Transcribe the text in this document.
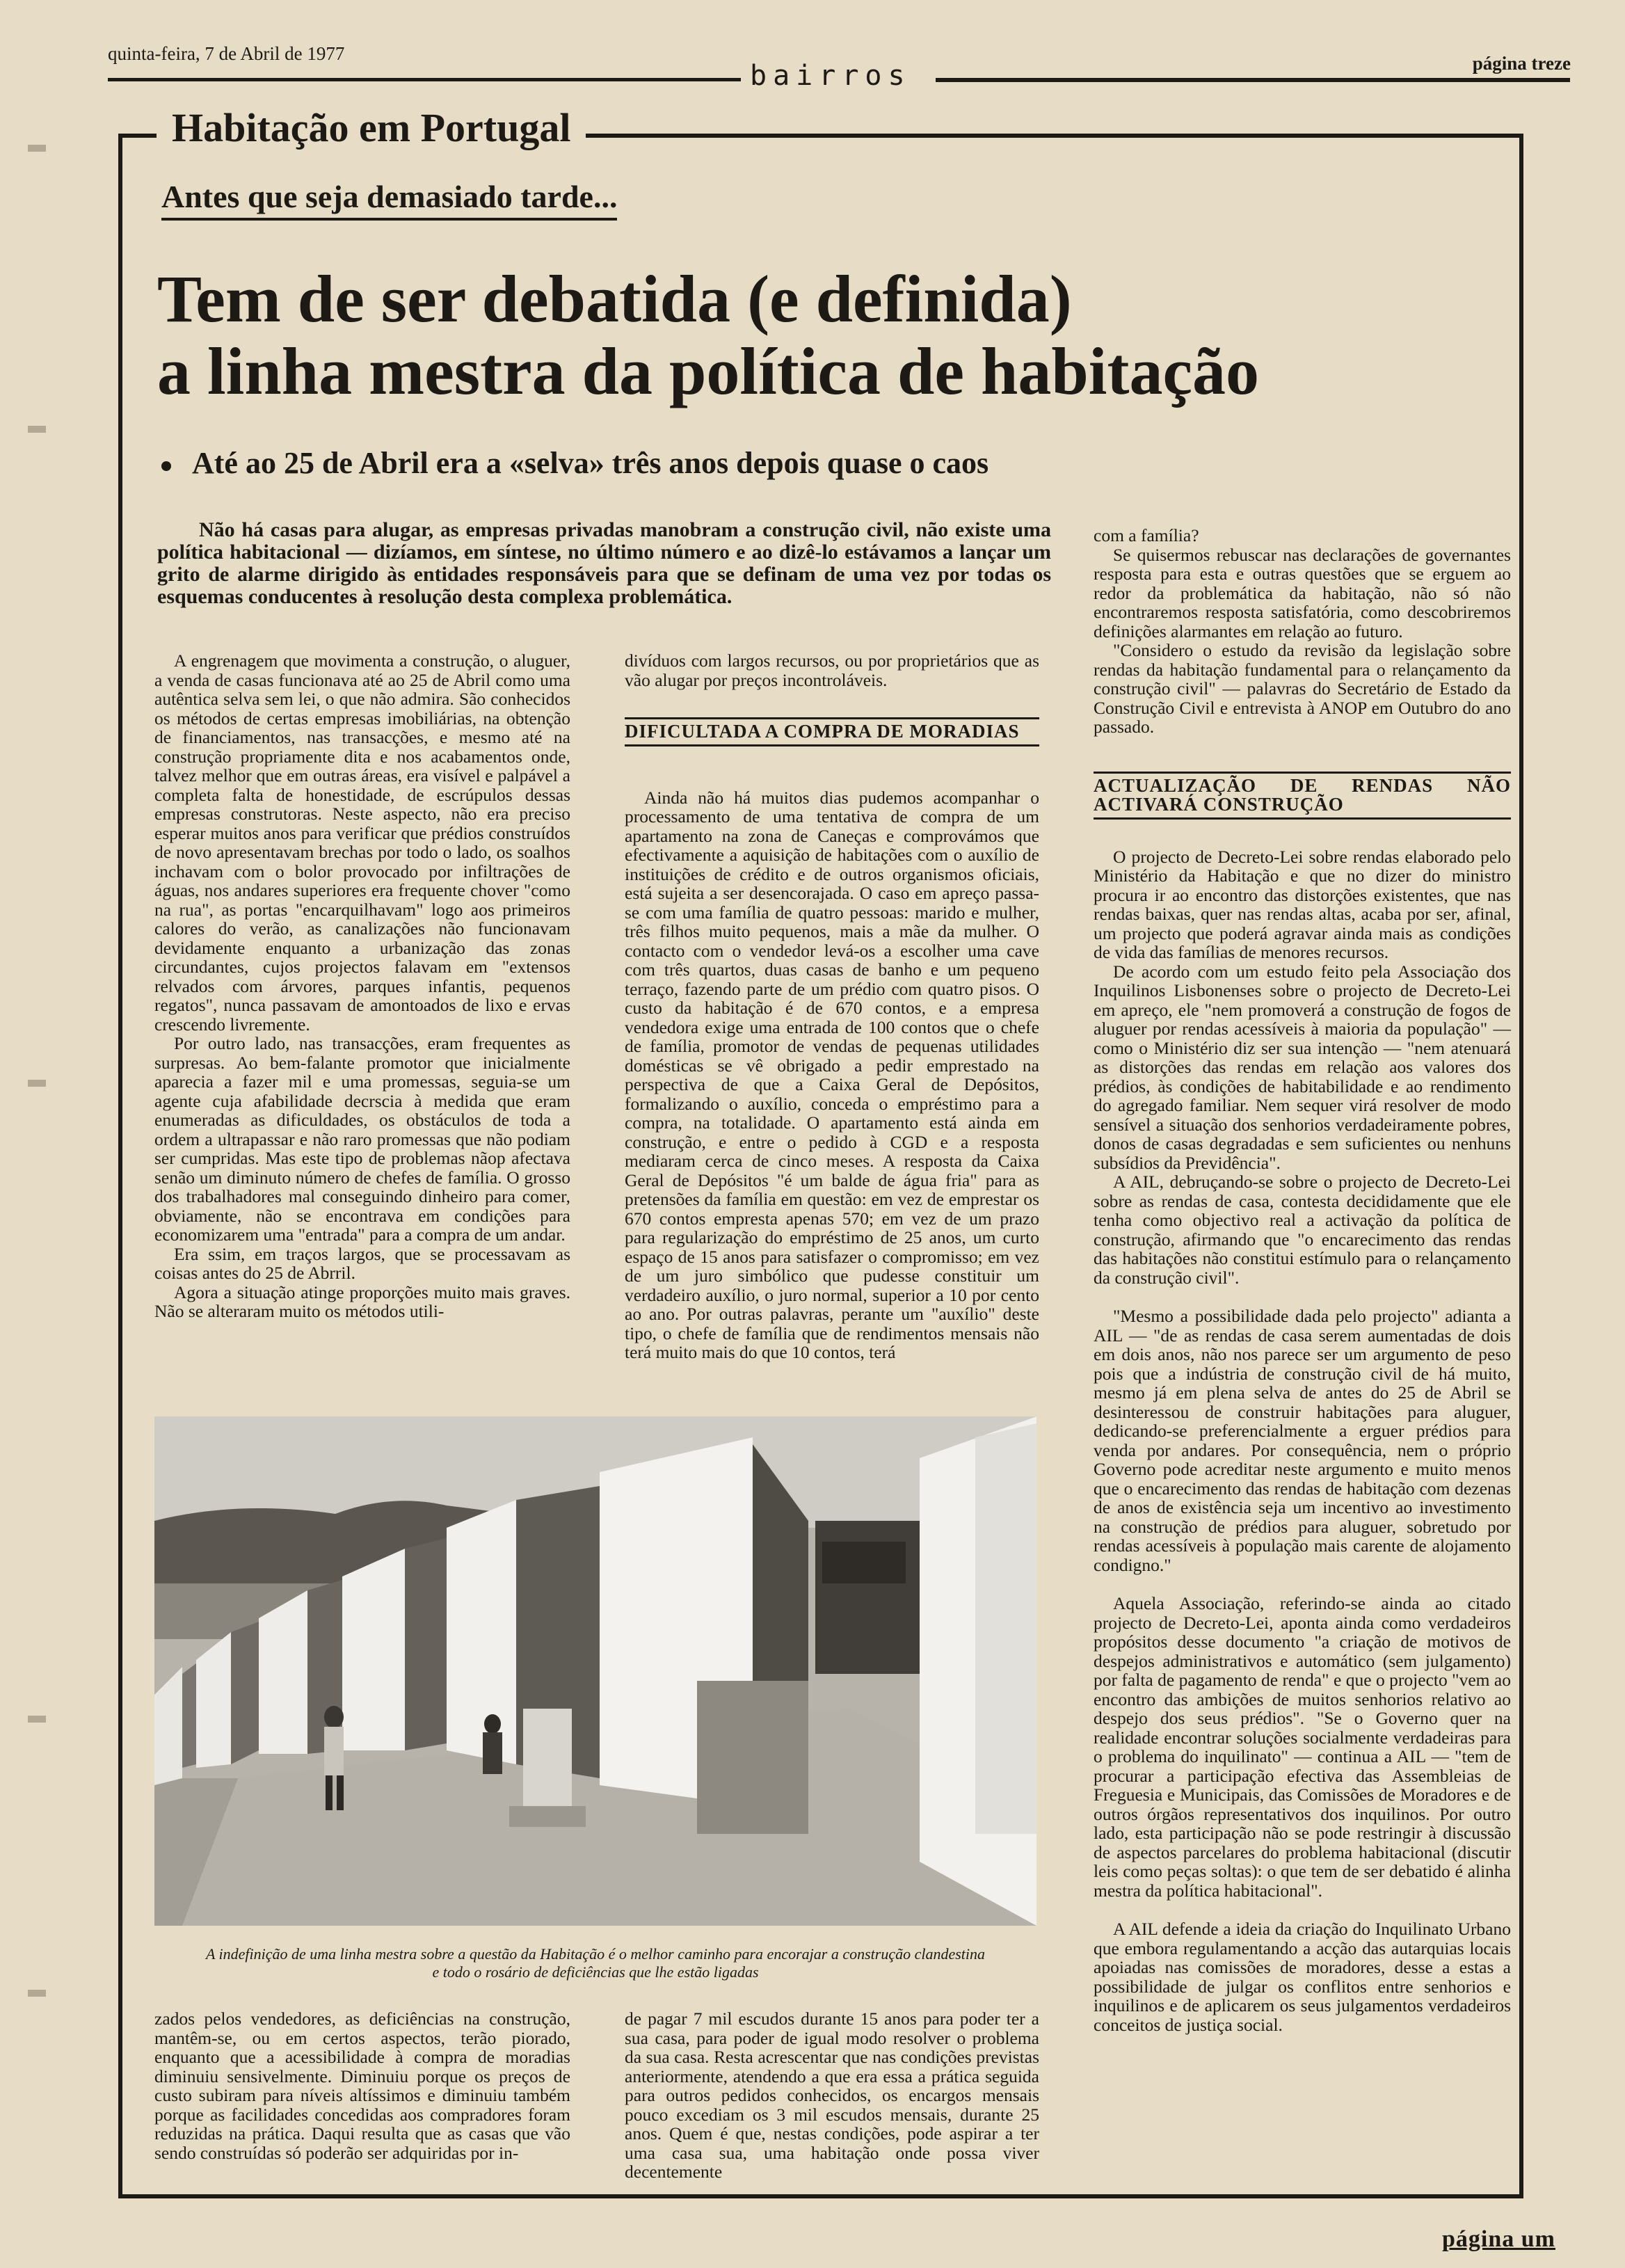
quinta-feira, 7 de Abril de 1977
bairros	página treze
Habitação em Portugal
Antes que seja demasiado tarde...
Tem de ser debatida (e definida)
a linha mestra da política de habitação
Até ao 25 de Abril era a «selva» três anos depois quase o caos
Não há casas para alugar, as empresas privadas manobram a construção civil, não existe uma política habitacional — dizíamos, em síntese, no último número e ao dizê-lo estávamos a lançar um grito de alarme dirigido às entidades responsáveis para que se definam de uma vez por todas os esquemas conducentes à resolução desta complexa problemática.

A engrenagem que movimenta a construção, o aluguer, a venda de casas funcionava até ao 25 de Abril como uma autêntica selva sem lei, o que não admira. São conhecidos os métodos de certas empresas imobiliárias, na obtenção de financiamentos, nas transacções, e mesmo até na construção propriamente dita e nos acabamentos onde, talvez melhor que em outras áreas, era visível e palpável a completa falta de honestidade, de escrúpulos dessas empresas construtoras. Neste aspecto, não era preciso esperar muitos anos para verificar que prédios construídos de novo apresentavam brechas por todo o lado, os soalhos inchavam com o bolor provocado por infiltrações de águas, nos andares superiores era frequente chover "como na rua", as portas "encarquilhavam" logo aos primeiros calores do verão, as canalizações não funcionavam devidamente enquanto a urbanização das zonas circundantes, cujos projectos falavam em "extensos relvados com árvores, parques infantis, pequenos regatos", nunca passavam de amontoados de lixo e ervas crescendo livremente.

Por outro lado, nas transacções, eram frequentes as surpresas. Ao bem-falante promotor que inicialmente aparecia a fazer mil e uma promessas, seguia-se um agente cuja afabilidade decrscia à medida que eram enumeradas as dificuldades, os obstáculos de toda a ordem a ultrapassar e não raro promessas que não podiam ser cumpridas. Mas este tipo de problemas nãop afectava senão um diminuto número de chefes de família. O grosso dos trabalhadores mal conseguindo dinheiro para comer, obviamente, não se encontrava em condições para economizarem uma "entrada" para a compra de um andar.

Era ssim, em traços largos, que se processavam as coisas antes do 25 de Abrril.

Agora a situação atinge proporções muito mais graves. Não se alteraram muito os métodos utili-

divíduos com largos recursos, ou por proprietários que as vão alugar por preços incontroláveis.

DIFICULTADA A COMPRA DE MORADIAS

Ainda não há muitos dias pudemos acompanhar o processamento de uma tentativa de compra de um apartamento na zona de Caneças e comprovámos que efectivamente a aquisição de habitações com o auxílio de instituições de crédito e de outros organismos oficiais, está sujeita a ser desencorajada. O caso em apreço passa-se com uma família de quatro pessoas: marido e mulher, três filhos muito pequenos, mais a mãe da mulher. O contacto com o vendedor levá-os a escolher uma cave com três quartos, duas casas de banho e um pequeno terraço, fazendo parte de um prédio com quatro pisos. O custo da habitação é de 670 contos, e a empresa vendedora exige uma entrada de 100 contos que o chefe de família, promotor de vendas de pequenas utilidades domésticas se vê obrigado a pedir emprestado na perspectiva de que a Caixa Geral de Depósitos, formalizando o auxílio, conceda o empréstimo para a compra, na totalidade. O apartamento está ainda em construção, e entre o pedido à CGD e a resposta mediaram cerca de cinco meses. A resposta da Caixa Geral de Depósitos "é um balde de água fria" para as pretensões da família em questão: em vez de emprestar os 670 contos empresta apenas 570; em vez de um prazo para regularização do empréstimo de 25 anos, um curto espaço de 15 anos para satisfazer o compromisso; em vez de um juro simbólico que pudesse constituir um verdadeiro auxílio, o juro normal, superior a 10 por cento ao ano. Por outras palavras, perante um "auxílio" deste tipo, o chefe de família que de rendimentos mensais não terá muito mais do que 10 contos, terá

com a família?

Se quisermos rebuscar nas declarações de governantes resposta para esta e outras questões que se erguem ao redor da problemática da habitação, não só não encontraremos resposta satisfatória, como descobriremos definições alarmantes em relação ao futuro.

"Considero o estudo da revisão da legislação sobre rendas da habitação fundamental para o relançamento da construção civil" — palavras do Secretário de Estado da Construção Civil e entrevista à ANOP em Outubro do ano passado.

ACTUALIZAÇÃO DE RENDAS NÃO ACTIVARÁ CONSTRUÇÃO

O projecto de Decreto-Lei sobre rendas elaborado pelo Ministério da Habitação e que no dizer do ministro procura ir ao encontro das distorções existentes, que nas rendas baixas, quer nas rendas altas, acaba por ser, afinal, um projecto que poderá agravar ainda mais as condições de vida das famílias de menores recursos.

De acordo com um estudo feito pela Associação dos Inquilinos Lisbonenses sobre o projecto de Decreto-Lei em apreço, ele "nem promoverá a construção de fogos de aluguer por rendas acessíveis à maioria da população" — como o Ministério diz ser sua intenção — "nem atenuará as distorções das rendas em relação aos valores dos prédios, às condições de habitabilidade e ao rendimento do agregado familiar. Nem sequer virá resolver de modo sensível a situação dos senhorios verdadeiramente pobres, donos de casas degradadas e sem suficientes ou nenhuns subsídios da Previdência".

A AIL, debruçando-se sobre o projecto de Decreto-Lei sobre as rendas de casa, contesta decididamente que ele tenha como objectivo real a activação da política de construção, afirmando que "o encarecimento das rendas das habitações não constitui estímulo para o relançamento da construção civil".

"Mesmo a possibilidade dada pelo projecto" adianta a AIL — "de as rendas de casa serem aumentadas de dois em dois anos, não nos parece ser um argumento de peso pois que a indústria de construção civil de há muito, mesmo já em plena selva de antes do 25 de Abril se desinteressou de construir habitações para aluguer, dedicando-se preferencialmente a erguer prédios para venda por andares. Por consequência, nem o próprio Governo pode acreditar neste argumento e muito menos que o encarecimento das rendas de habitação com dezenas de anos de existência seja um incentivo ao investimento na construção de prédios para aluguer, sobretudo por rendas acessíveis à população mais carente de alojamento condigno."

Aquela Associação, referindo-se ainda ao citado projecto de Decreto-Lei, aponta ainda como verdadeiros propósitos desse documento "a criação de motivos de despejos administrativos e automático (sem julgamento) por falta de pagamento de renda" e que o projecto "vem ao encontro das ambições de muitos senhorios relativo ao despejo dos seus prédios". "Se o Governo quer na realidade encontrar soluções socialmente verdadeiras para o problema do inquilinato" — continua a AIL — "tem de procurar a participação efectiva das Assembleias de Freguesia e Municipais, das Comissões de Moradores e de outros órgãos representativos dos inquilinos. Por outro lado, esta participação não se pode restringir à discussão de aspectos parcelares do problema habitacional (discutir leis como peças soltas): o que tem de ser debatido é alinha mestra da política habitacional".

A AIL defende a ideia da criação do Inquilinato Urbano que embora regulamentando a acção das autarquias locais apoiadas nas comissões de moradores, desse a estas a possibilidade de julgar os conflitos entre senhorios e inquilinos e de aplicarem os seus julgamentos verdadeiros conceitos de justiça social.

A indefinição de uma linha mestra sobre a questão da Habitação é o melhor caminho para encorajar a construção clandestina
e todo o rosário de deficiências que lhe estão ligadas

zados pelos vendedores, as deficiências na construção, mantêm-se, ou em certos aspectos, terão piorado, enquanto que a acessibilidade à compra de moradias diminuiu sensivelmente. Diminuiu porque os preços de custo subiram para níveis altíssimos e diminuiu também porque as facilidades concedidas aos compradores foram reduzidas na prática. Daqui resulta que as casas que vão sendo construídas só poderão ser adquiridas por in-

de pagar 7 mil escudos durante 15 anos para poder ter a sua casa, para poder de igual modo resolver o problema da sua casa. Resta acrescentar que nas condições previstas anteriormente, atendendo a que era essa a prática seguida para outros pedidos conhecidos, os encargos mensais pouco excediam os 3 mil escudos mensais, durante 25 anos. Quem é que, nestas condições, pode aspirar a ter uma casa sua, uma habitação onde possa viver decentemente

página um
